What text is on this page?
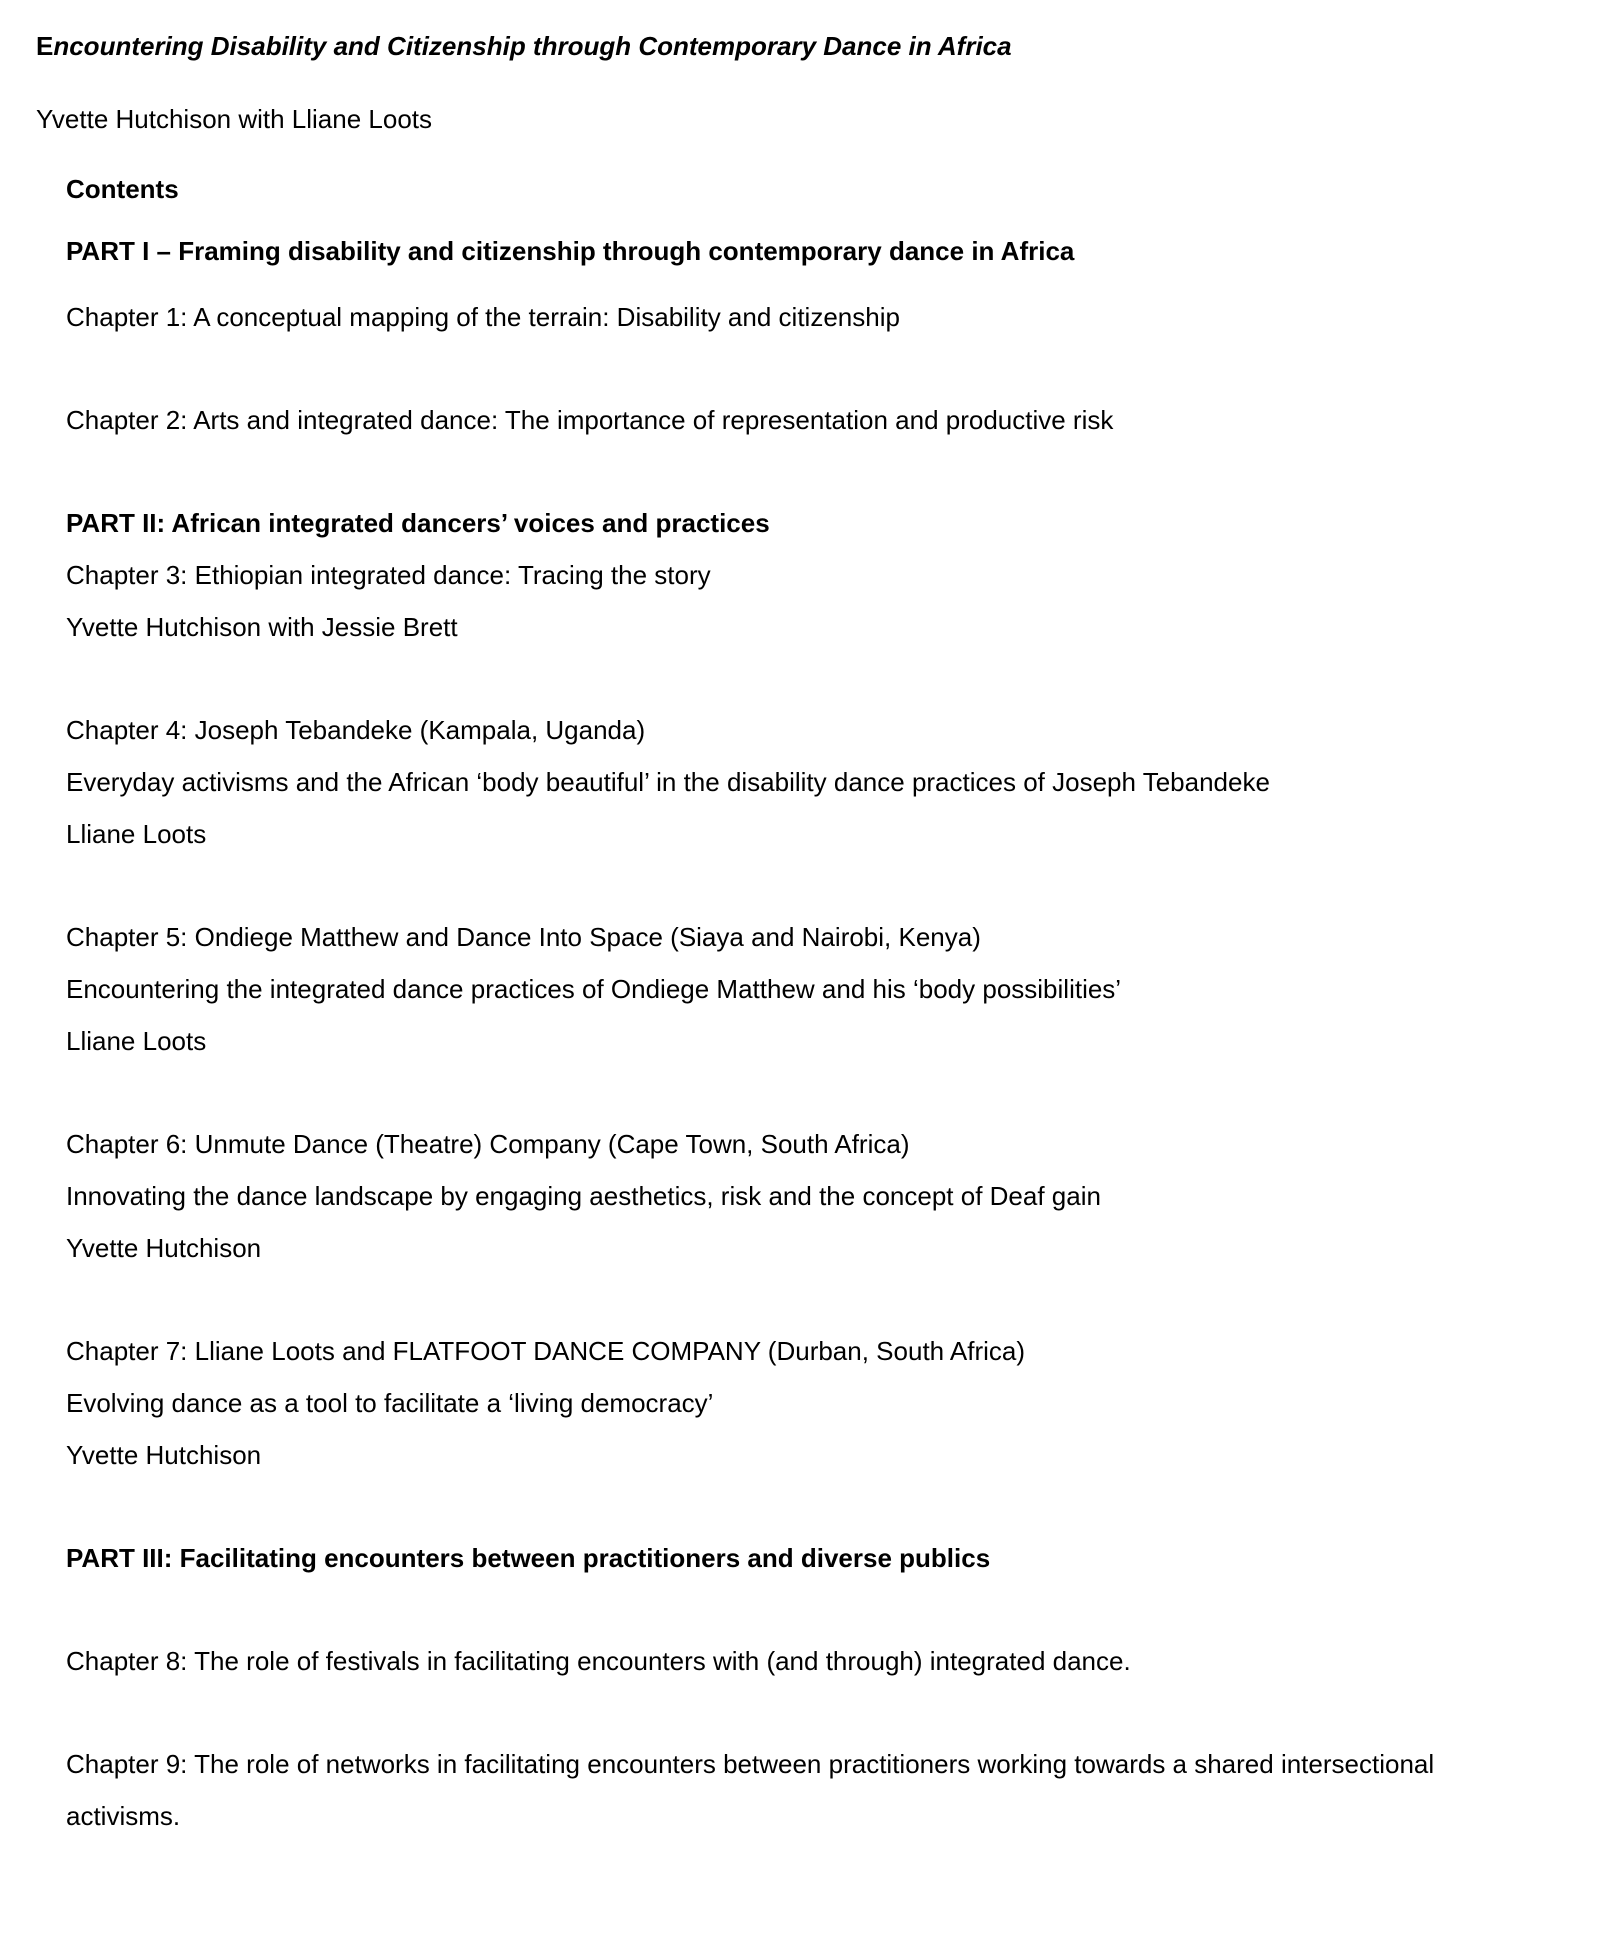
Encountering Disability and Citizenship through Contemporary Dance in Africa

Yvette Hutchison with Lliane Loots

Contents

PART I – Framing disability and citizenship through contemporary dance in Africa

Chapter 1: A conceptual mapping of the terrain: Disability and citizenship

Chapter 2: Arts and integrated dance: The importance of representation and productive risk

PART II: African integrated dancers’ voices and practices

Chapter 3: Ethiopian integrated dance: Tracing the story

Yvette Hutchison with Jessie Brett

Chapter 4: Joseph Tebandeke (Kampala, Uganda)

Everyday activisms and the African ‘body beautiful’ in the disability dance practices of Joseph Tebandeke

Lliane Loots

Chapter 5: Ondiege Matthew and Dance Into Space (Siaya and Nairobi, Kenya)

Encountering the integrated dance practices of Ondiege Matthew and his ‘body possibilities’

Lliane Loots

Chapter 6: Unmute Dance (Theatre) Company (Cape Town, South Africa)

Innovating the dance landscape by engaging aesthetics, risk and the concept of Deaf gain

Yvette Hutchison

Chapter 7: Lliane Loots and FLATFOOT DANCE COMPANY (Durban, South Africa)

Evolving dance as a tool to facilitate a ‘living democracy’

Yvette Hutchison

PART III: Facilitating encounters between practitioners and diverse publics

Chapter 8: The role of festivals in facilitating encounters with (and through) integrated dance.

Chapter 9: The role of networks in facilitating encounters between practitioners working towards a shared intersectional

activisms.
